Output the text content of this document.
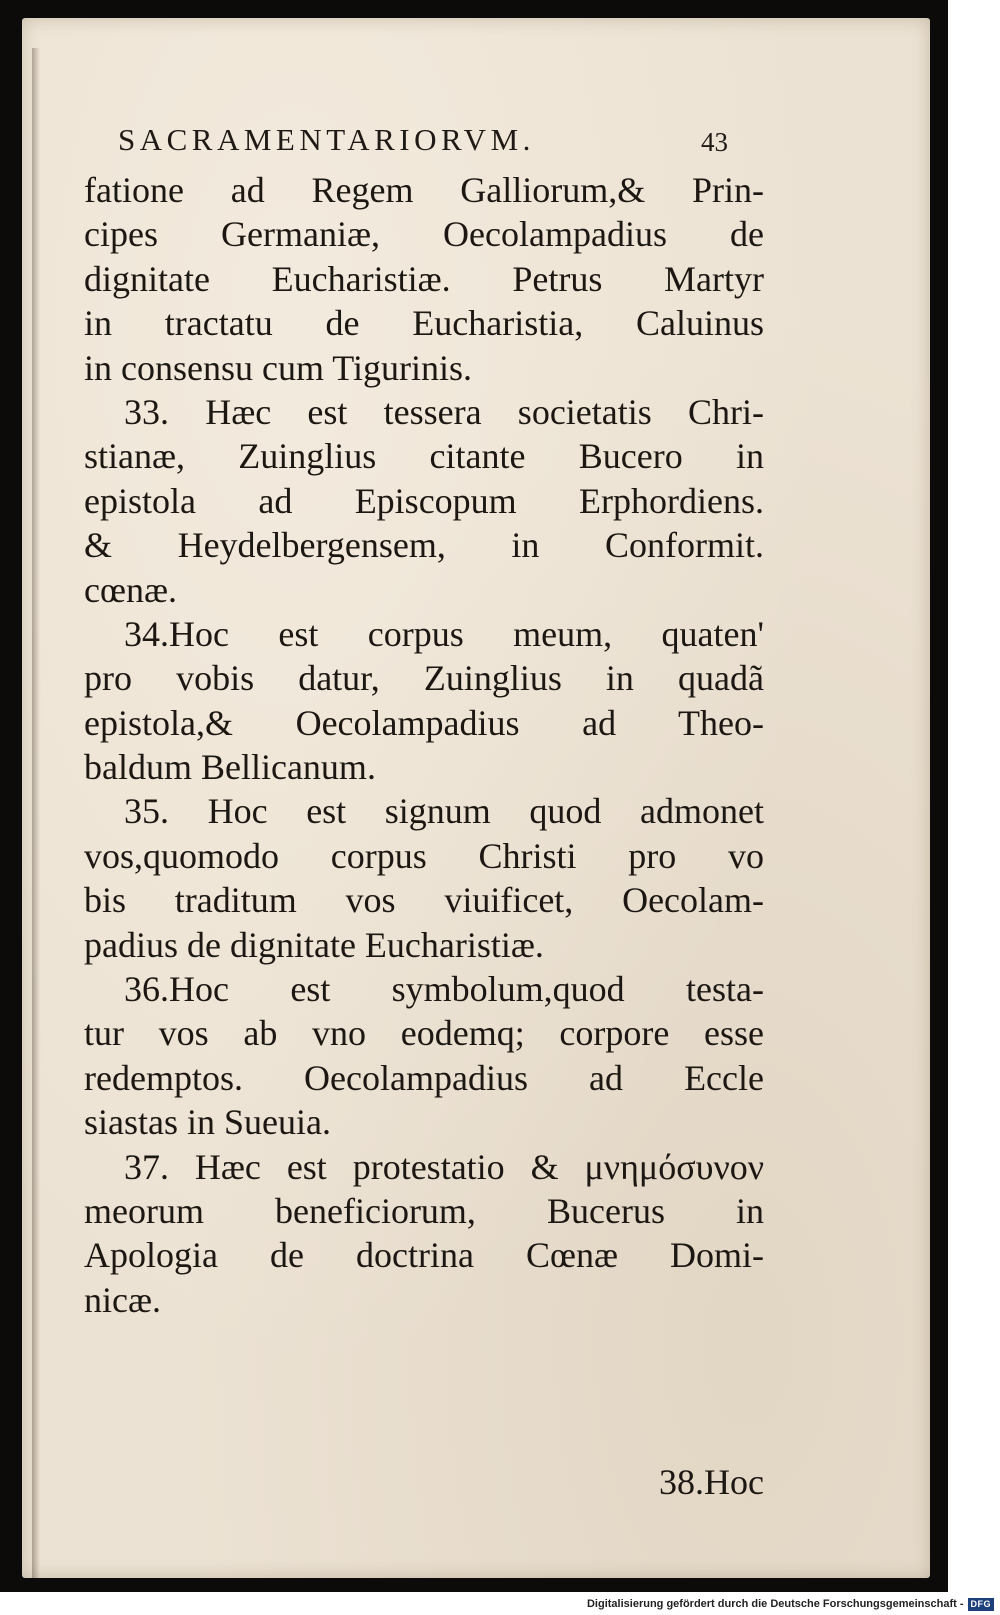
SACRAMENTARIORVM.	43
fatione ad Regem Galliorum,& Prin-
cipes Germaniæ, Oecolampadius de
dignitate Eucharistiæ. Petrus Martyr
in tractatu de Eucharistia, Caluinus
in consensu cum Tigurinis.
33. Hæc est tessera societatis Chri-
stianæ, Zuinglius citante Bucero in
epistola ad Episcopum Erphordiens.
& Heydelbergensem, in Conformit.
cœnæ.
34.Hoc est corpus meum, quaten'
pro vobis datur, Zuinglius in quadã
epistola,& Oecolampadius ad Theo-
baldum Bellicanum.
35. Hoc est signum quod admonet
vos,quomodo corpus Christi pro vo
bis traditum vos viuificet, Oecolam-
padius de dignitate Eucharistiæ.
36.Hoc est symbolum,quod testa-
tur vos ab vno eodemq; corpore esse
redemptos. Oecolampadius ad Eccle
siastas in Sueuia.
37. Hæc est protestatio & μνημόσυνον
meorum beneficiorum, Bucerus in
Apologia de doctrina Cœnæ Domi-
nicæ.
38.Hoc
Digitalisierung gefördert durch die Deutsche Forschungsgemeinschaft - DFG
